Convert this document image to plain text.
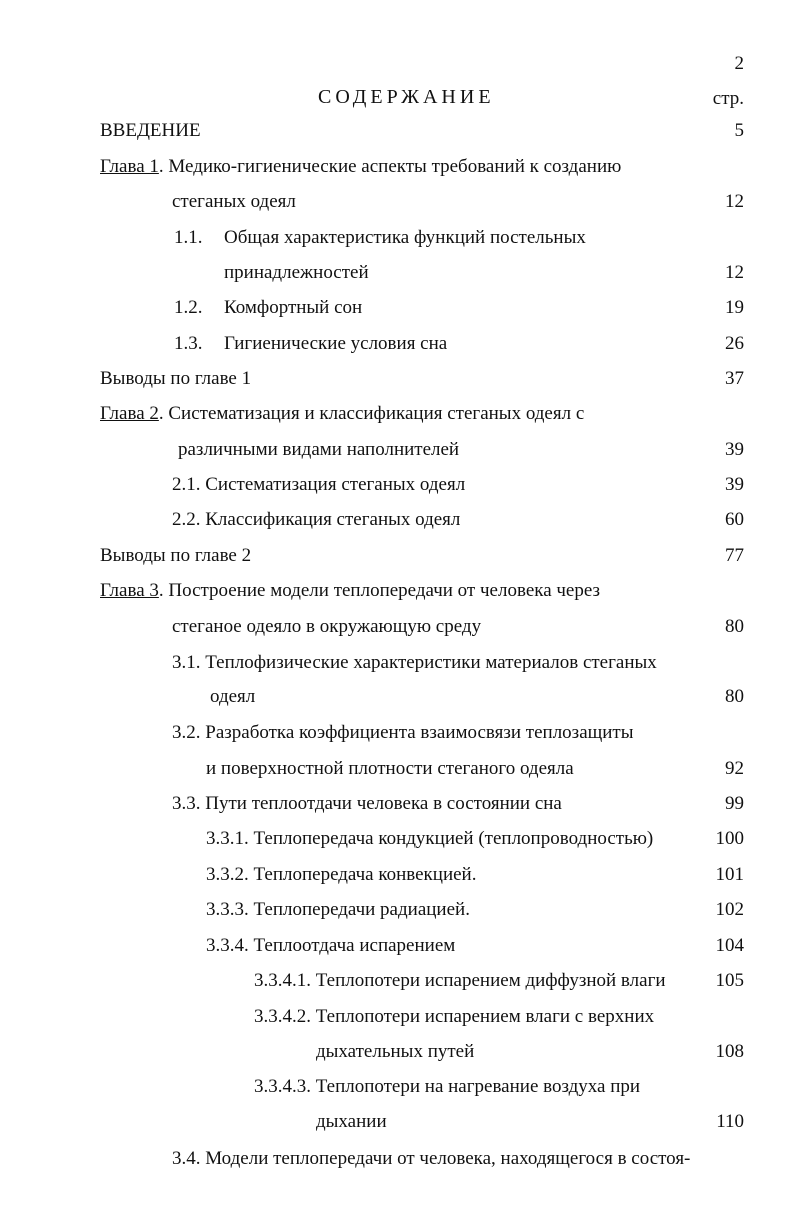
2
СОДЕРЖАНИЕ	стр.
ВВЕДЕНИЕ	5
Глава 1. Медико-гигиенические аспекты требований к созданию
стеганых одеял	12
1.1. Общая характеристика функций постельных
принадлежностей	12
1.2. Комфортный сон	19
1.3. Гигиенические условия сна	26
Выводы по главе 1	37
Глава 2. Систематизация и классификация стеганых одеял с
различными видами наполнителей	39
2.1. Систематизация стеганых одеял	39
2.2. Классификация стеганых одеял	60
Выводы по главе 2	77
Глава 3. Построение модели теплопередачи от человека через
стеганое одеяло в окружающую среду	80
3.1. Теплофизические характеристики материалов стеганых
одеял	80
3.2. Разработка коэффициента взаимосвязи теплозащиты
и поверхностной плотности стеганого одеяла	92
3.3. Пути теплоотдачи человека в состоянии сна	99
3.3.1. Теплопередача кондукцией (теплопроводностью)	100
3.3.2. Теплопередача конвекцией.	101
3.3.3. Теплопередачи радиацией.	102
3.3.4. Теплоотдача испарением	104
3.3.4.1. Теплопотери испарением диффузной влаги	105
3.3.4.2. Теплопотери испарением влаги с верхних
дыхательных путей	108
3.3.4.3. Теплопотери на нагревание воздуха при
дыхании	110
3.4. Модели теплопередачи от человека, находящегося в состоя-
